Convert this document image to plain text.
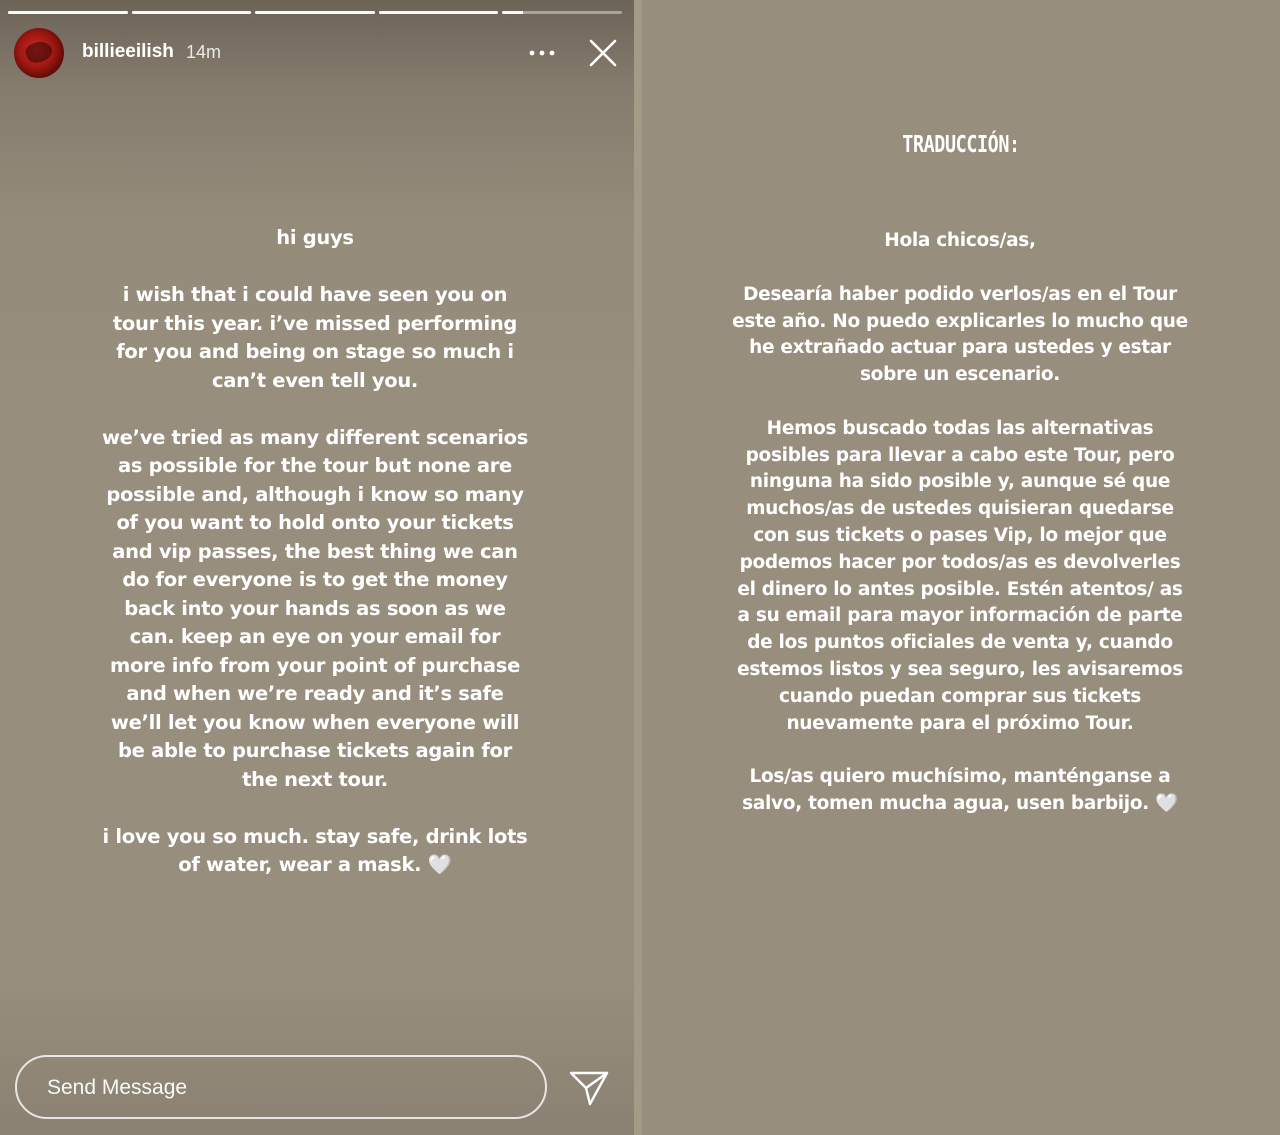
billieeilish 14m

hi guys

i wish that i could have seen you on tour this year. i’ve missed performing for you and being on stage so much i can’t even tell you.

we’ve tried as many different scenarios as possible for the tour but none are possible and, although i know so many of you want to hold onto your tickets and vip passes, the best thing we can do for everyone is to get the money back into your hands as soon as we can. keep an eye on your email for more info from your point of purchase and when we’re ready and it’s safe we’ll let you know when everyone will be able to purchase tickets again for the next tour.

i love you so much. stay safe, drink lots of water, wear a mask. 🤍

Send Message
TRADUCCIÓN:

Hola chicos/as,

Desearía haber podido verlos/as en el Tour este año. No puedo explicarles lo mucho que he extrañado actuar para ustedes y estar sobre un escenario.

Hemos buscado todas las alternativas posibles para llevar a cabo este Tour, pero ninguna ha sido posible y, aunque sé que muchos/as de ustedes quisieran quedarse con sus tickets o pases Vip, lo mejor que podemos hacer por todos/as es devolverles el dinero lo antes posible. Estén atentos/ as a su email para mayor información de parte de los puntos oficiales de venta y, cuando estemos listos y sea seguro, les avisaremos cuando puedan comprar sus tickets nuevamente para el próximo Tour.

Los/as quiero muchísimo, manténganse a salvo, tomen mucha agua, usen barbijo. 🤍
